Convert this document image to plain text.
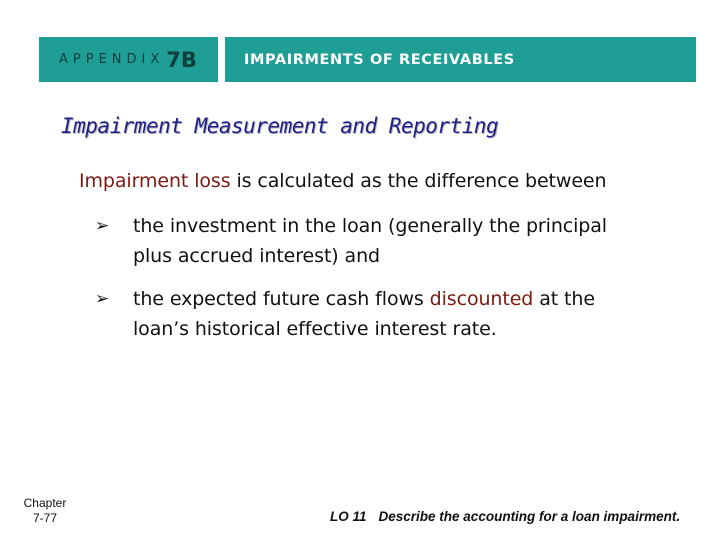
APPENDIX 7B	IMPAIRMENTS OF RECEIVABLES
Impairment Measurement and Reporting
Impairment loss is calculated as the difference between
➢ the investment in the loan (generally the principal
plus accrued interest) and
➢ the expected future cash flows discounted at the
loan’s historical effective interest rate.
Chapter
7-77	LO 11 Describe the accounting for a loan impairment.
